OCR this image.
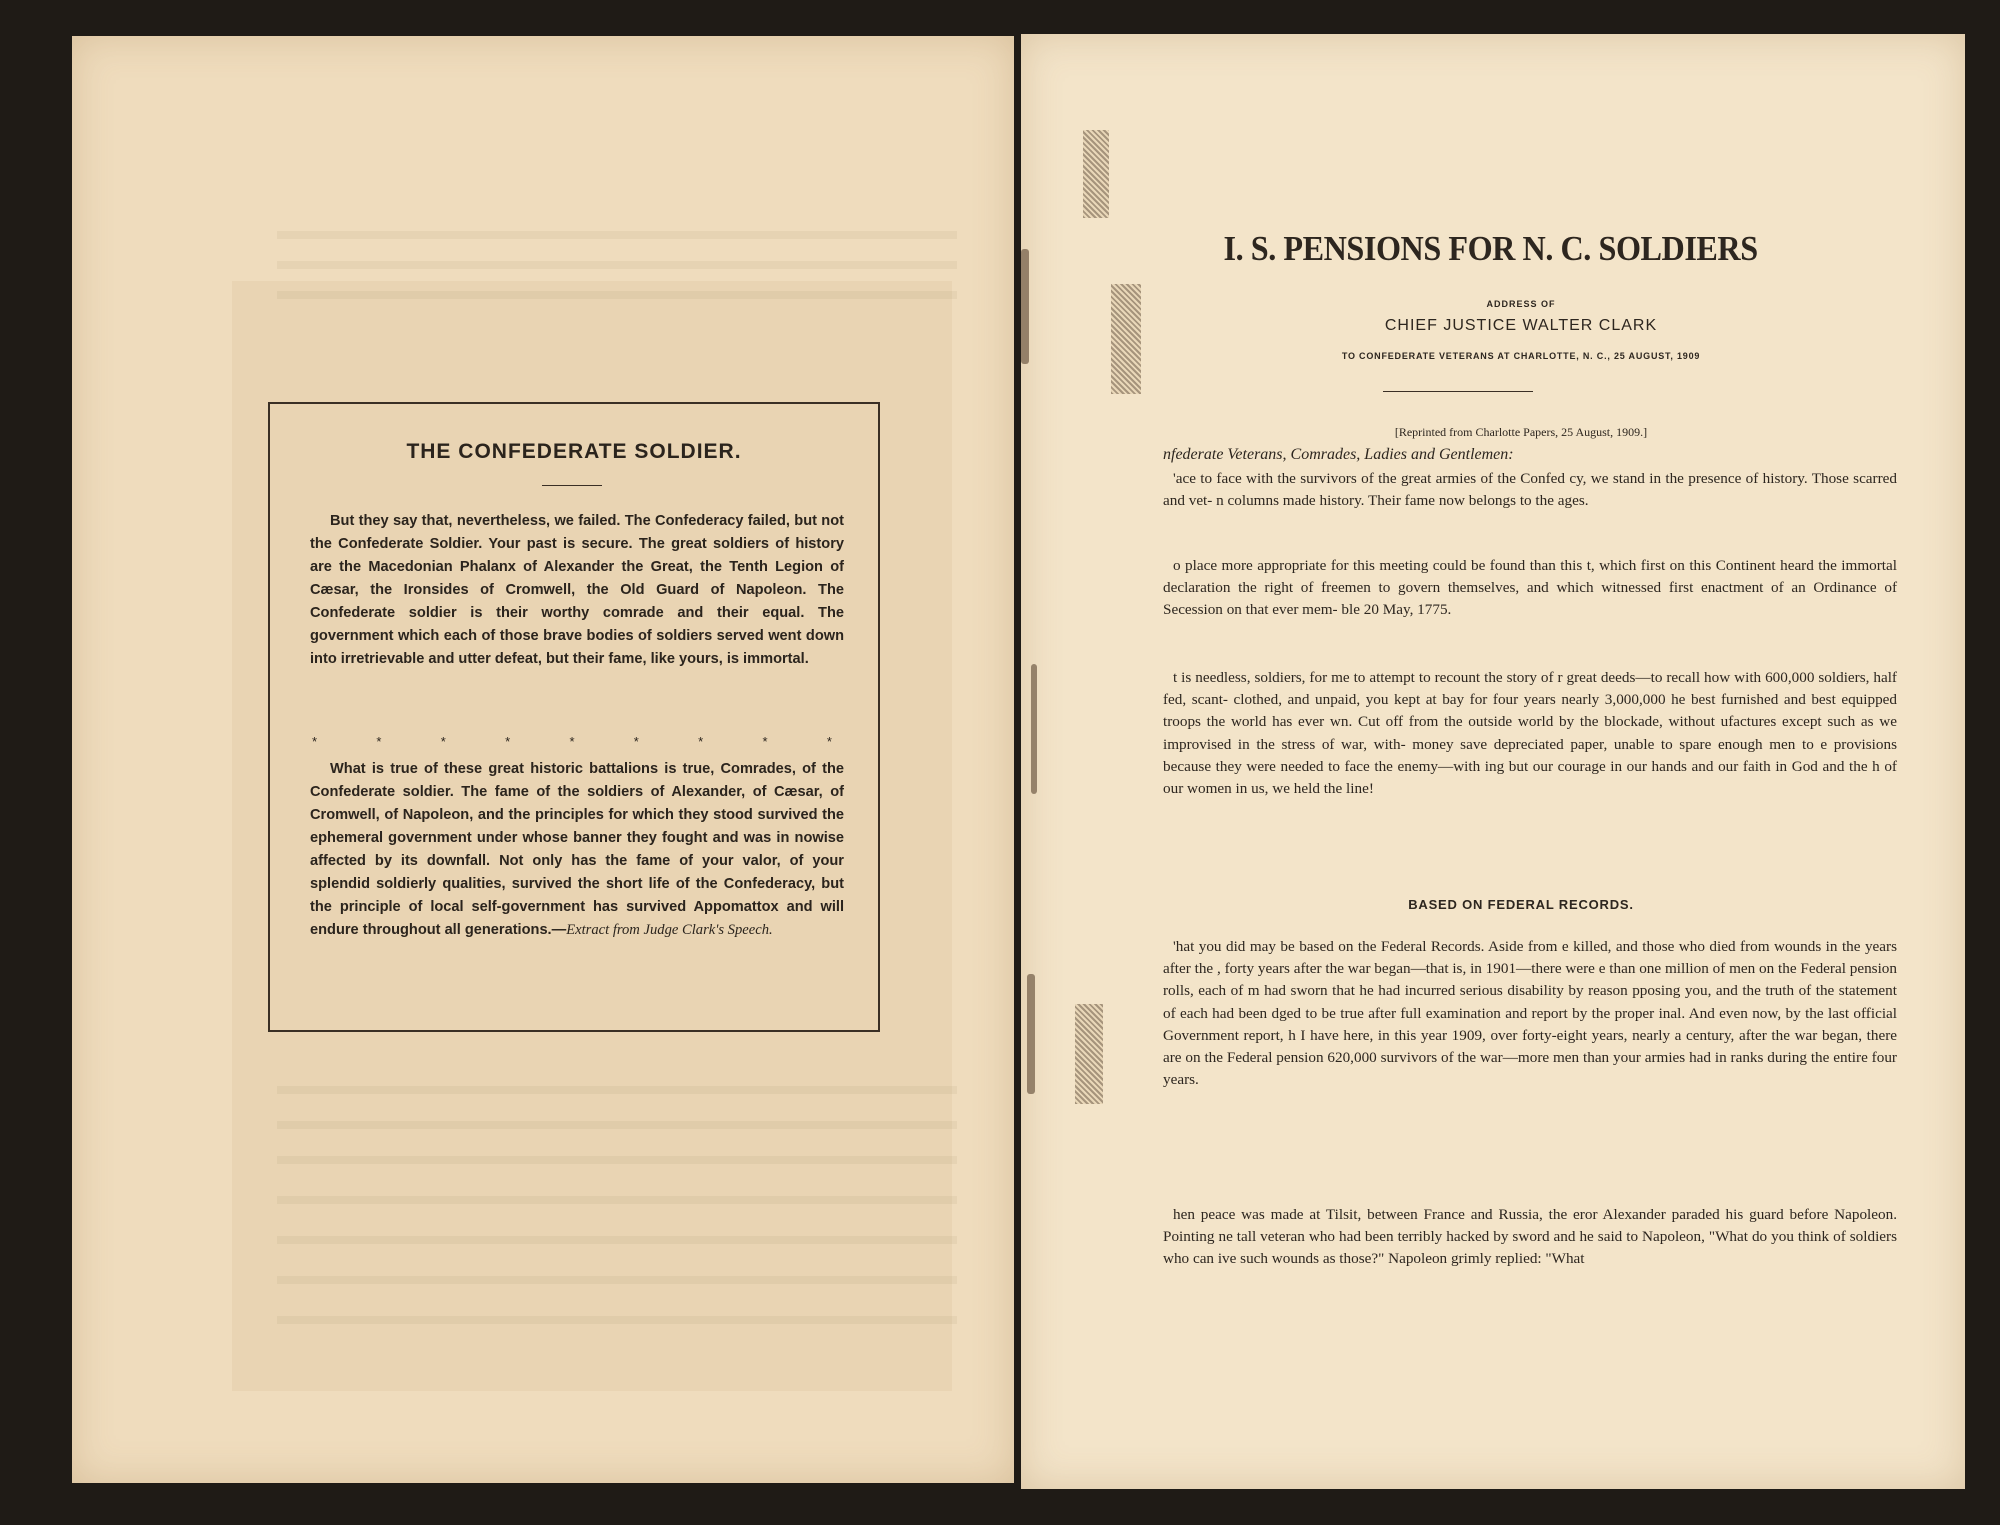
THE CONFEDERATE SOLDIER.
But they say that, nevertheless, we failed. The Confederacy failed, but not the Confederate Soldier. Your past is secure. The great soldiers of history are the Macedonian Phalanx of Alexander the Great, the Tenth Legion of Cæsar, the Ironsides of Cromwell, the Old Guard of Napoleon. The Confederate soldier is their worthy comrade and their equal. The government which each of those brave bodies of soldiers served went down into irretrievable and utter defeat, but their fame, like yours, is immortal.
*	*	*	*	*	*	*	*	*
What is true of these great historic battalions is true, Comrades, of the Confederate soldier. The fame of the soldiers of Alexander, of Cæsar, of Cromwell, of Napoleon, and the principles for which they stood survived the ephemeral government under whose banner they fought and was in nowise affected by its downfall. Not only has the fame of your valor, of your splendid soldierly qualities, survived the short life of the Confederacy, but the principle of local self-government has survived Appomattox and will endure throughout all generations.—Extract from Judge Clark's Speech.
I. S. PENSIONS FOR N. C. SOLDIERS
ADDRESS OF
CHIEF JUSTICE WALTER CLARK
TO CONFEDERATE VETERANS AT CHARLOTTE, N. C., 25 AUGUST, 1909
[Reprinted from Charlotte Papers, 25 August, 1909.]
nfederate Veterans, Comrades, Ladies and Gentlemen:
'ace to face with the survivors of the great armies of the Confed cy, we stand in the presence of history. Those scarred and vet- n columns made history. Their fame now belongs to the ages.
o place more appropriate for this meeting could be found than this t, which first on this Continent heard the immortal declaration the right of freemen to govern themselves, and which witnessed first enactment of an Ordinance of Secession on that ever mem- ble 20 May, 1775.
t is needless, soldiers, for me to attempt to recount the story of r great deeds—to recall how with 600,000 soldiers, half fed, scant- clothed, and unpaid, you kept at bay for four years nearly 3,000,000 he best furnished and best equipped troops the world has ever wn. Cut off from the outside world by the blockade, without ufactures except such as we improvised in the stress of war, with- money save depreciated paper, unable to spare enough men to e provisions because they were needed to face the enemy—with ing but our courage in our hands and our faith in God and the h of our women in us, we held the line!
BASED ON FEDERAL RECORDS.
'hat you did may be based on the Federal Records. Aside from e killed, and those who died from wounds in the years after the , forty years after the war began—that is, in 1901—there were e than one million of men on the Federal pension rolls, each of m had sworn that he had incurred serious disability by reason pposing you, and the truth of the statement of each had been dged to be true after full examination and report by the proper inal. And even now, by the last official Government report, h I have here, in this year 1909, over forty-eight years, nearly a century, after the war began, there are on the Federal pension 620,000 survivors of the war—more men than your armies had in ranks during the entire four years.
hen peace was made at Tilsit, between France and Russia, the eror Alexander paraded his guard before Napoleon. Pointing ne tall veteran who had been terribly hacked by sword and he said to Napoleon, "What do you think of soldiers who can ive such wounds as those?" Napoleon grimly replied: "What
